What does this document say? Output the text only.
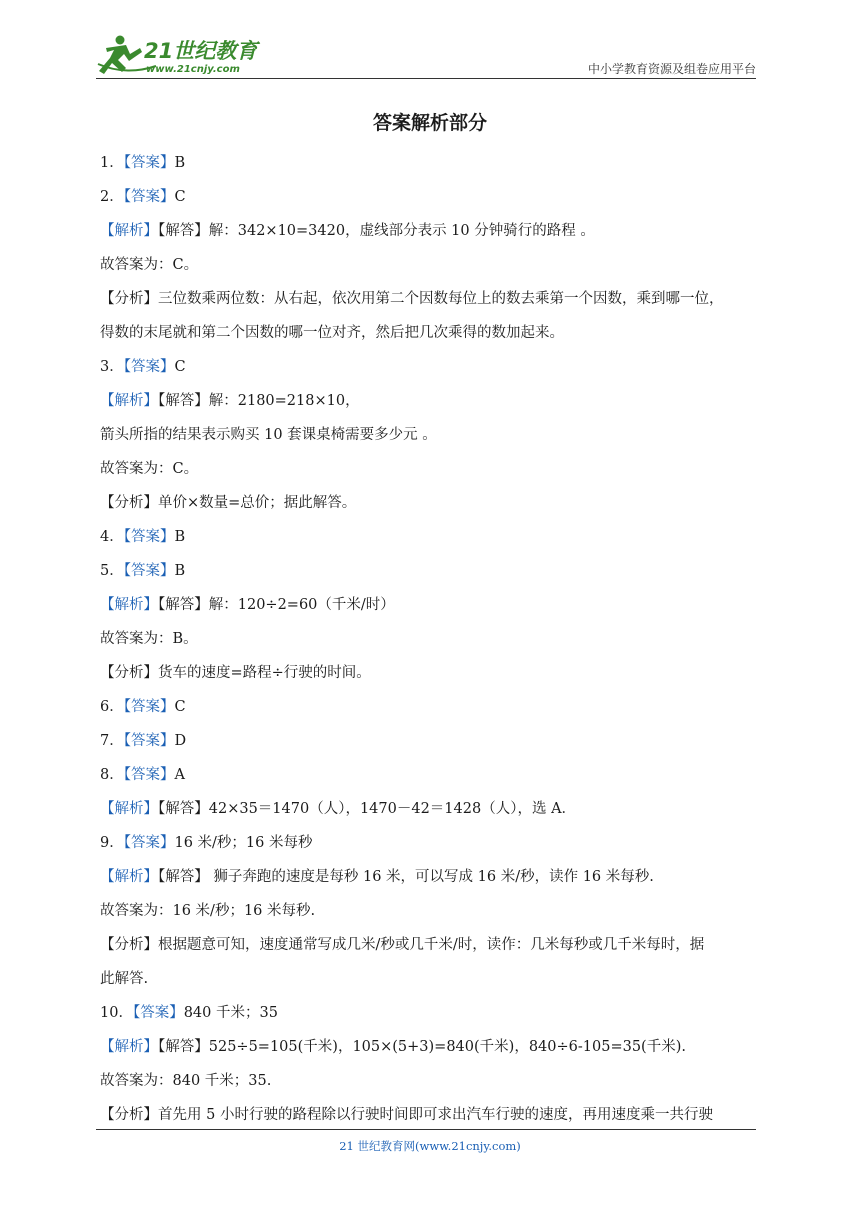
21世纪教育
www.21cnjy.com	中小学教育资源及组卷应用平台
答案解析部分
1．【答案】B
2．【答案】C
【解析】【解答】解：342×10=3420，虚线部分表示 10 分钟骑行的路程 。
故答案为：C。
【分析】三位数乘两位数：从右起，依次用第二个因数每位上的数去乘第一个因数，乘到哪一位，
得数的末尾就和第二个因数的哪一位对齐，然后把几次乘得的数加起来。
3．【答案】C
【解析】【解答】解：2180=218×10，
箭头所指的结果表示购买 10 套课桌椅需要多少元 。
故答案为：C。
【分析】单价×数量=总价；据此解答。
4．【答案】B
5．【答案】B
【解析】【解答】解：120÷2=60（千米/时）
故答案为：B。
【分析】货车的速度=路程÷行驶的时间。
6．【答案】C
7．【答案】D
8．【答案】A
【解析】【解答】42×35＝1470（人），1470－42＝1428（人），选 A．
9．【答案】16 米/秒；16 米每秒
【解析】【解答】 狮子奔跑的速度是每秒 16 米，可以写成 16 米/秒，读作 16 米每秒.
故答案为：16 米/秒；16 米每秒.
【分析】根据题意可知，速度通常写成几米/秒或几千米/时，读作：几米每秒或几千米每时，据
此解答.
10．【答案】840 千米；35
【解析】【解答】525÷5=105(千米)，105×(5+3)=840(千米)，840÷6-105=35(千米).
故答案为：840 千米；35.
【分析】首先用 5 小时行驶的路程除以行驶时间即可求出汽车行驶的速度，再用速度乘一共行驶
21 世纪教育网(www.21cnjy.com)
